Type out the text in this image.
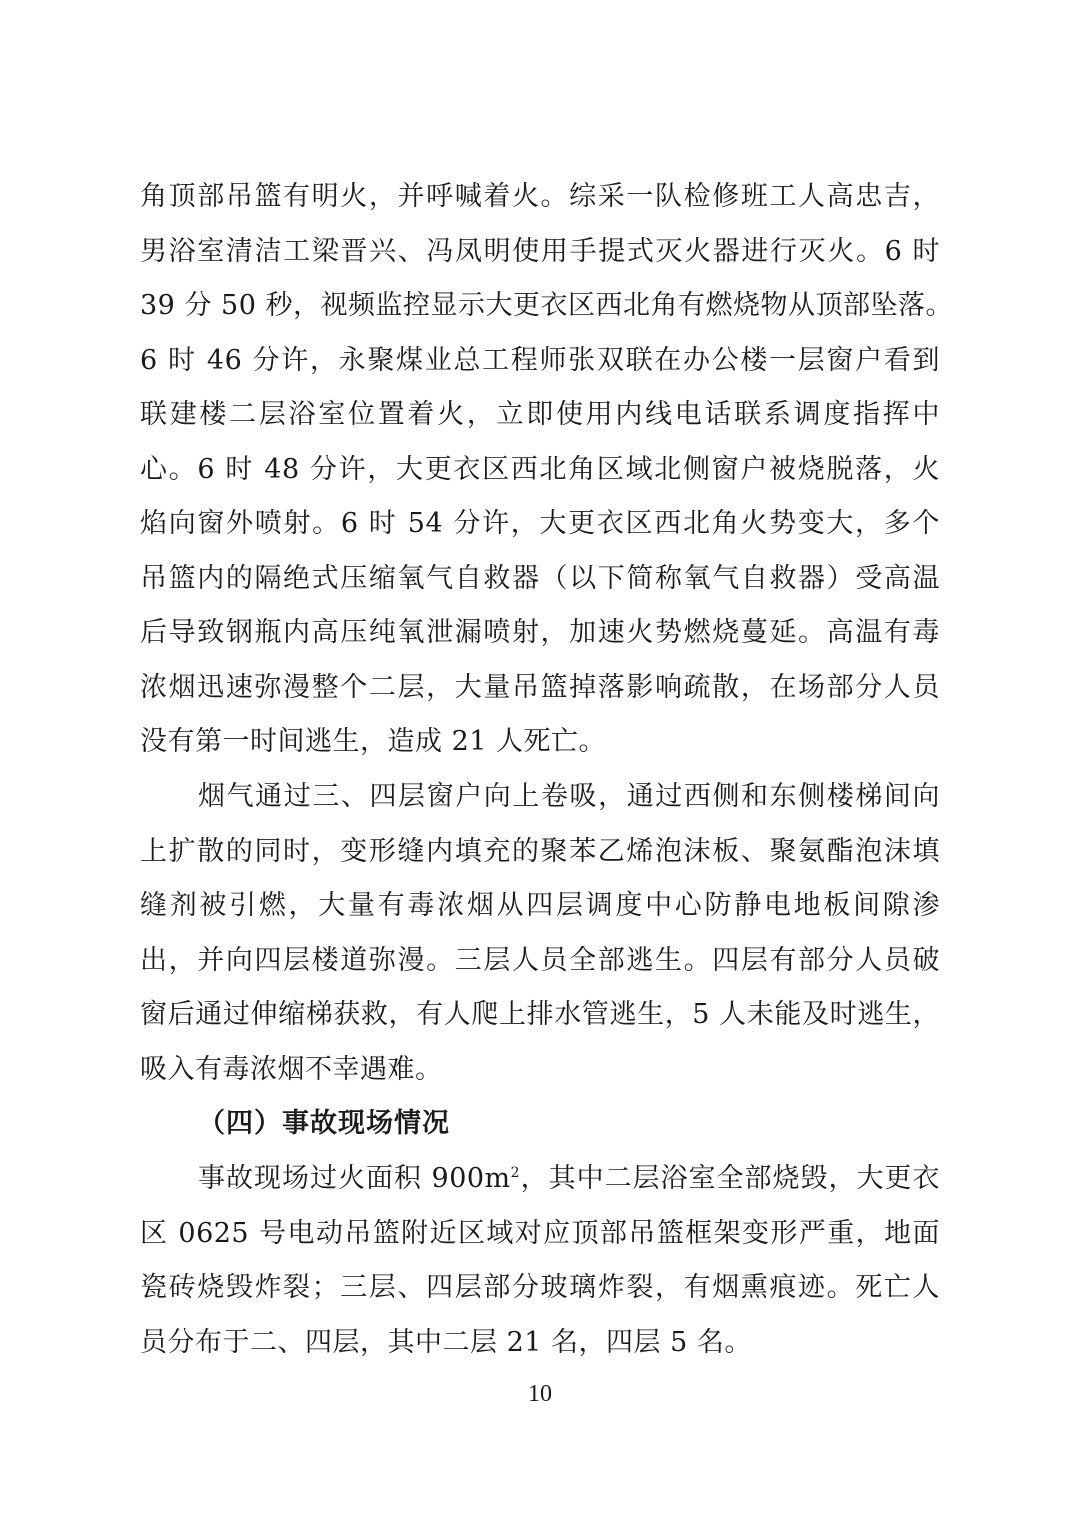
角顶部吊篮有明火，并呼喊着火。综采一队检修班工人高忠吉，
男浴室清洁工梁晋兴、冯凤明使用手提式灭火器进行灭火。6 时
39 分 50 秒，视频监控显示大更衣区西北角有燃烧物从顶部坠落。
6 时 46 分许，永聚煤业总工程师张双联在办公楼一层窗户看到
联建楼二层浴室位置着火，立即使用内线电话联系调度指挥中
心。6 时 48 分许，大更衣区西北角区域北侧窗户被烧脱落，火
焰向窗外喷射。6 时 54 分许，大更衣区西北角火势变大，多个
吊篮内的隔绝式压缩氧气自救器（以下简称氧气自救器）受高温
后导致钢瓶内高压纯氧泄漏喷射，加速火势燃烧蔓延。高温有毒
浓烟迅速弥漫整个二层，大量吊篮掉落影响疏散，在场部分人员
没有第一时间逃生，造成 21 人死亡。
烟气通过三、四层窗户向上卷吸，通过西侧和东侧楼梯间向
上扩散的同时，变形缝内填充的聚苯乙烯泡沫板、聚氨酯泡沫填
缝剂被引燃，大量有毒浓烟从四层调度中心防静电地板间隙渗
出，并向四层楼道弥漫。三层人员全部逃生。四层有部分人员破
窗后通过伸缩梯获救，有人爬上排水管逃生，5 人未能及时逃生，
吸入有毒浓烟不幸遇难。
（四）事故现场情况
事故现场过火面积 $900m^2$，其中二层浴室全部烧毁，大更衣
区 0625 号电动吊篮附近区域对应顶部吊篮框架变形严重，地面
瓷砖烧毁炸裂；三层、四层部分玻璃炸裂，有烟熏痕迹。死亡人
员分布于二、四层，其中二层 21 名，四层 5 名。
10
